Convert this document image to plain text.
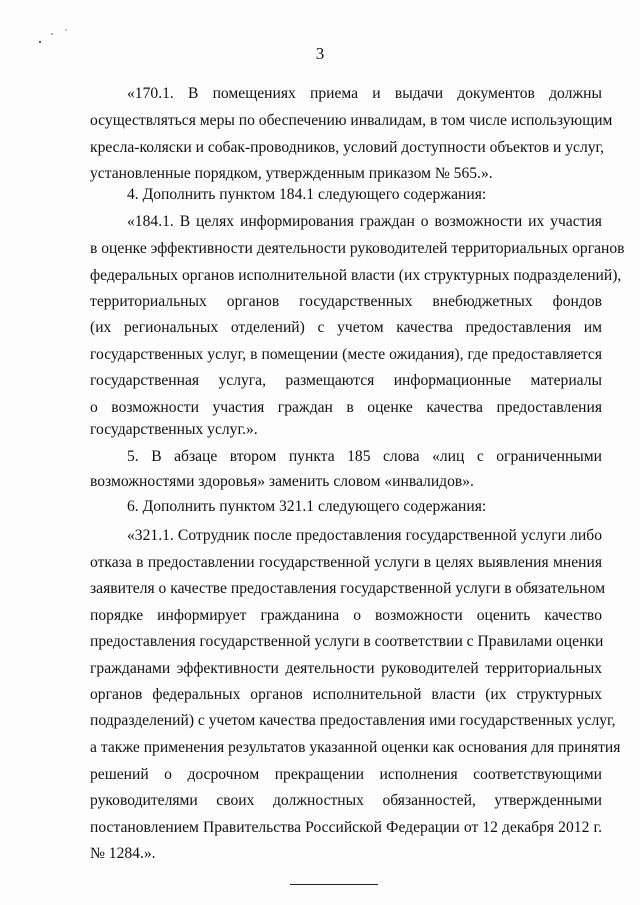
3
«170.1. В помещениях приема и выдачи документов должны
осуществляться меры по обеспечению инвалидам, в том числе использующим
кресла-коляски и собак-проводников, условий доступности объектов и услуг,
установленные порядком, утвержденным приказом № 565.».
4. Дополнить пунктом 184.1 следующего содержания:
«184.1. В целях информирования граждан о возможности их участия
в оценке эффективности деятельности руководителей территориальных органов
федеральных органов исполнительной власти (их структурных подразделений),
территориальных органов государственных внебюджетных фондов
(их региональных отделений) с учетом качества предоставления им
государственных услуг, в помещении (месте ожидания), где предоставляется
государственная услуга, размещаются информационные материалы
о возможности участия граждан в оценке качества предоставления
государственных услуг.».
5. В абзаце втором пункта 185 слова «лиц с ограниченными
возможностями здоровья» заменить словом «инвалидов».
6. Дополнить пунктом 321.1 следующего содержания:
«321.1. Сотрудник после предоставления государственной услуги либо
отказа в предоставлении государственной услуги в целях выявления мнения
заявителя о качестве предоставления государственной услуги в обязательном
порядке информирует гражданина о возможности оценить качество
предоставления государственной услуги в соответствии с Правилами оценки
гражданами эффективности деятельности руководителей территориальных
органов федеральных органов исполнительной власти (их структурных
подразделений) с учетом качества предоставления ими государственных услуг,
а также применения результатов указанной оценки как основания для принятия
решений о досрочном прекращении исполнения соответствующими
руководителями своих должностных обязанностей, утвержденными
постановлением Правительства Российской Федерации от 12 декабря 2012 г.
№ 1284.».
